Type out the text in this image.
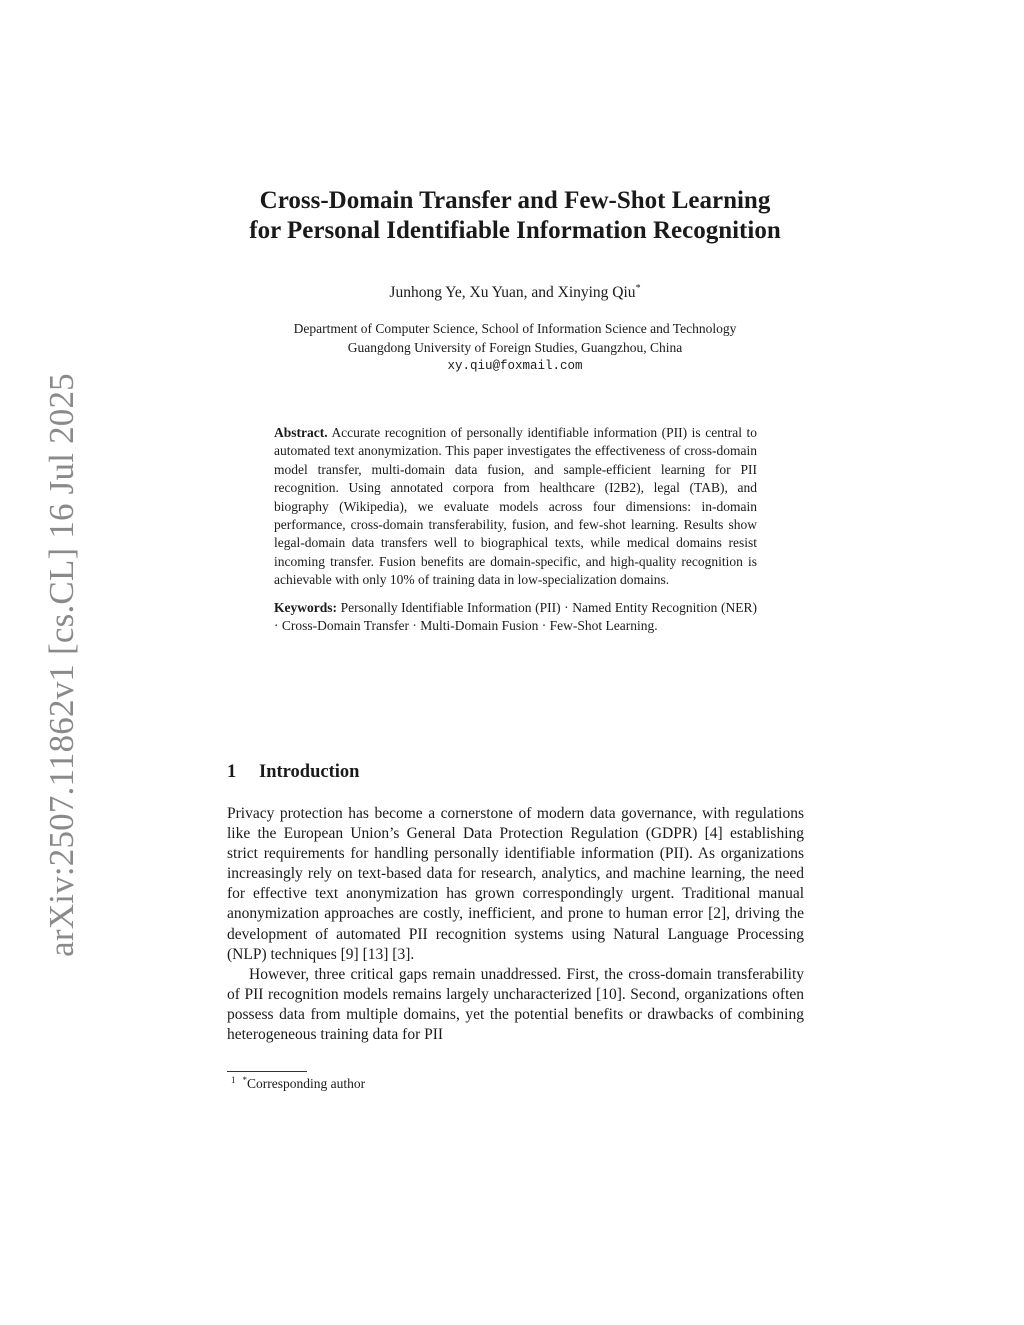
arXiv:2507.11862v1 [cs.CL] 16 Jul 2025
Cross-Domain Transfer and Few-Shot Learning
for Personal Identifiable Information Recognition
Junhong Ye, Xu Yuan, and Xinying Qiu*
Department of Computer Science, School of Information Science and Technology
Guangdong University of Foreign Studies, Guangzhou, China
xy.qiu@foxmail.com
Abstract. Accurate recognition of personally identifiable information (PII) is central to automated text anonymization. This paper investigates the effectiveness of cross-domain model transfer, multi-domain data fusion, and sample-efficient learning for PII recognition. Using annotated corpora from healthcare (I2B2), legal (TAB), and biography (Wikipedia), we evaluate models across four dimensions: in-domain performance, cross-domain transferability, fusion, and few-shot learning. Results show legal-domain data transfers well to biographical texts, while medical domains resist incoming transfer. Fusion benefits are domain-specific, and high-quality recognition is achievable with only 10% of training data in low-specialization domains.
Keywords: Personally Identifiable Information (PII) · Named Entity Recognition (NER) · Cross-Domain Transfer · Multi-Domain Fusion · Few-Shot Learning.
1 Introduction

Privacy protection has become a cornerstone of modern data governance, with regulations like the European Union’s General Data Protection Regulation (GDPR) [4] establishing strict requirements for handling personally identifiable information (PII). As organizations increasingly rely on text-based data for research, analytics, and machine learning, the need for effective text anonymization has grown correspondingly urgent. Traditional manual anonymization approaches are costly, inefficient, and prone to human error [2], driving the development of automated PII recognition systems using Natural Language Processing (NLP) techniques [9] [13] [3].

However, three critical gaps remain unaddressed. First, the cross-domain transferability of PII recognition models remains largely uncharacterized [10]. Second, organizations often possess data from multiple domains, yet the potential benefits or drawbacks of combining heterogeneous training data for PII

$^1$ *Corresponding author
